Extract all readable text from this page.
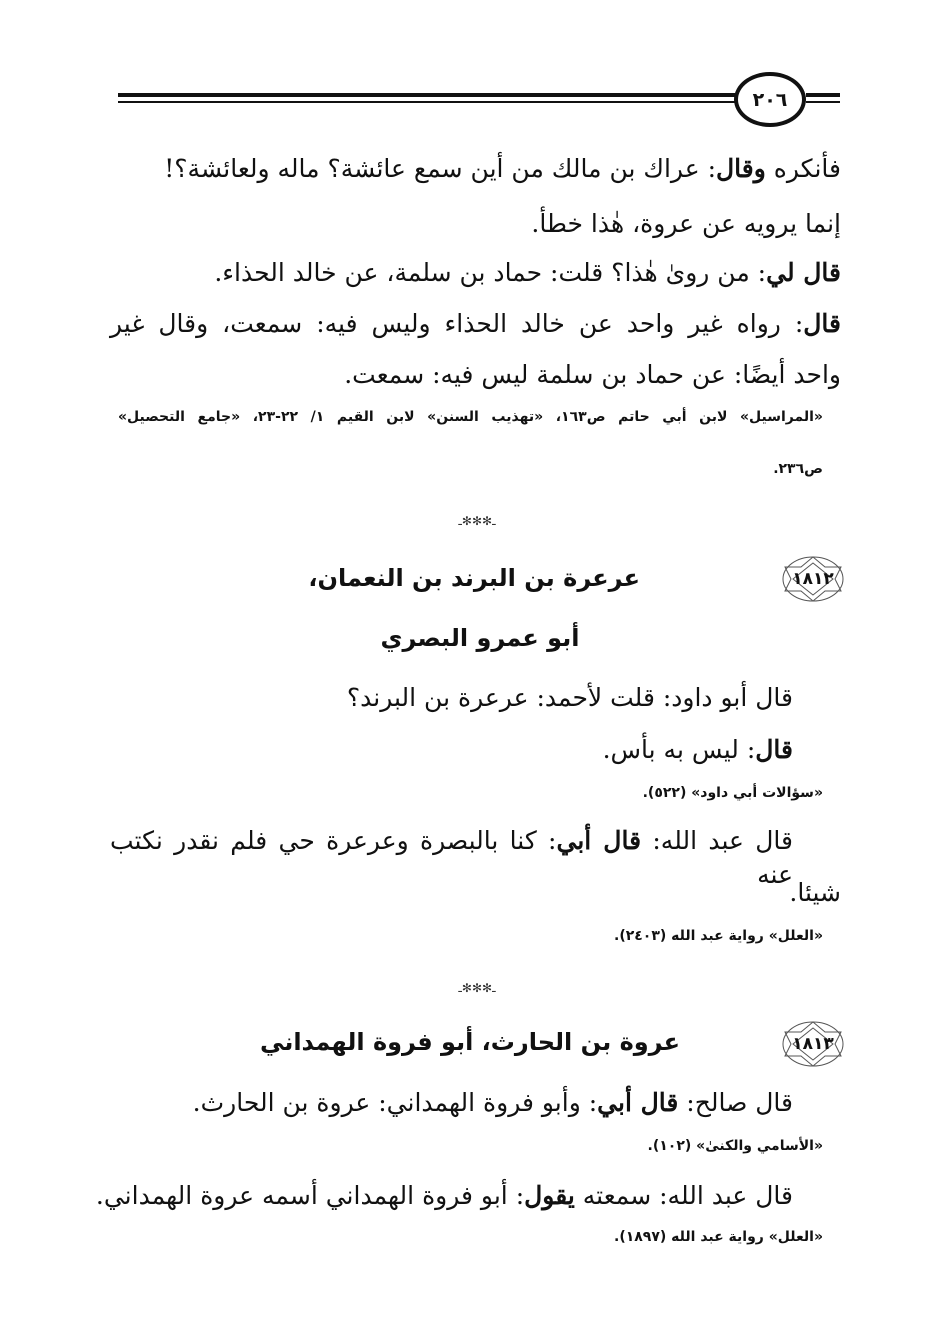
٢٠٦
فأنكره وقال: عراك بن مالك من أين سمع عائشة؟ ماله ولعائشة؟!
إنما يرويه عن عروة، هٰذا خطأ.
قال لي: من روىٰ هٰذا؟ قلت: حماد بن سلمة، عن خالد الحذاء.
قال: رواه غير واحد عن خالد الحذاء وليس فيه: سمعت، وقال غير
واحد أيضًا: عن حماد بن سلمة ليس فيه: سمعت.
«المراسيل» لابن أبي حاتم ص١٦٣، «تهذيب السنن» لابن القيم ١/ ٢٢-٢٣، «جامع التحصيل»
ص٢٣٦.
ـ✻✻✻ـ
١٨١٢
عرعرة بن البرند بن النعمان،
أبو عمرو البصري
قال أبو داود: قلت لأحمد: عرعرة بن البرند؟
قال: ليس به بأس.
«سؤالات أبي داود» (٥٢٢).
قال عبد الله: قال أبي: كنا بالبصرة وعرعرة حي فلم نقدر نكتب عنه
شيئا.
«العلل» رواية عبد الله (٢٤٠٣).
ـ✻✻✻ـ
١٨١٣
عروة بن الحارث، أبو فروة الهمداني
قال صالح: قال أبي: وأبو فروة الهمداني: عروة بن الحارث.
«الأسامي والكنىٰ» (١٠٢).
قال عبد الله: سمعته يقول: أبو فروة الهمداني أسمه عروة الهمداني.
«العلل» رواية عبد الله (١٨٩٧).
